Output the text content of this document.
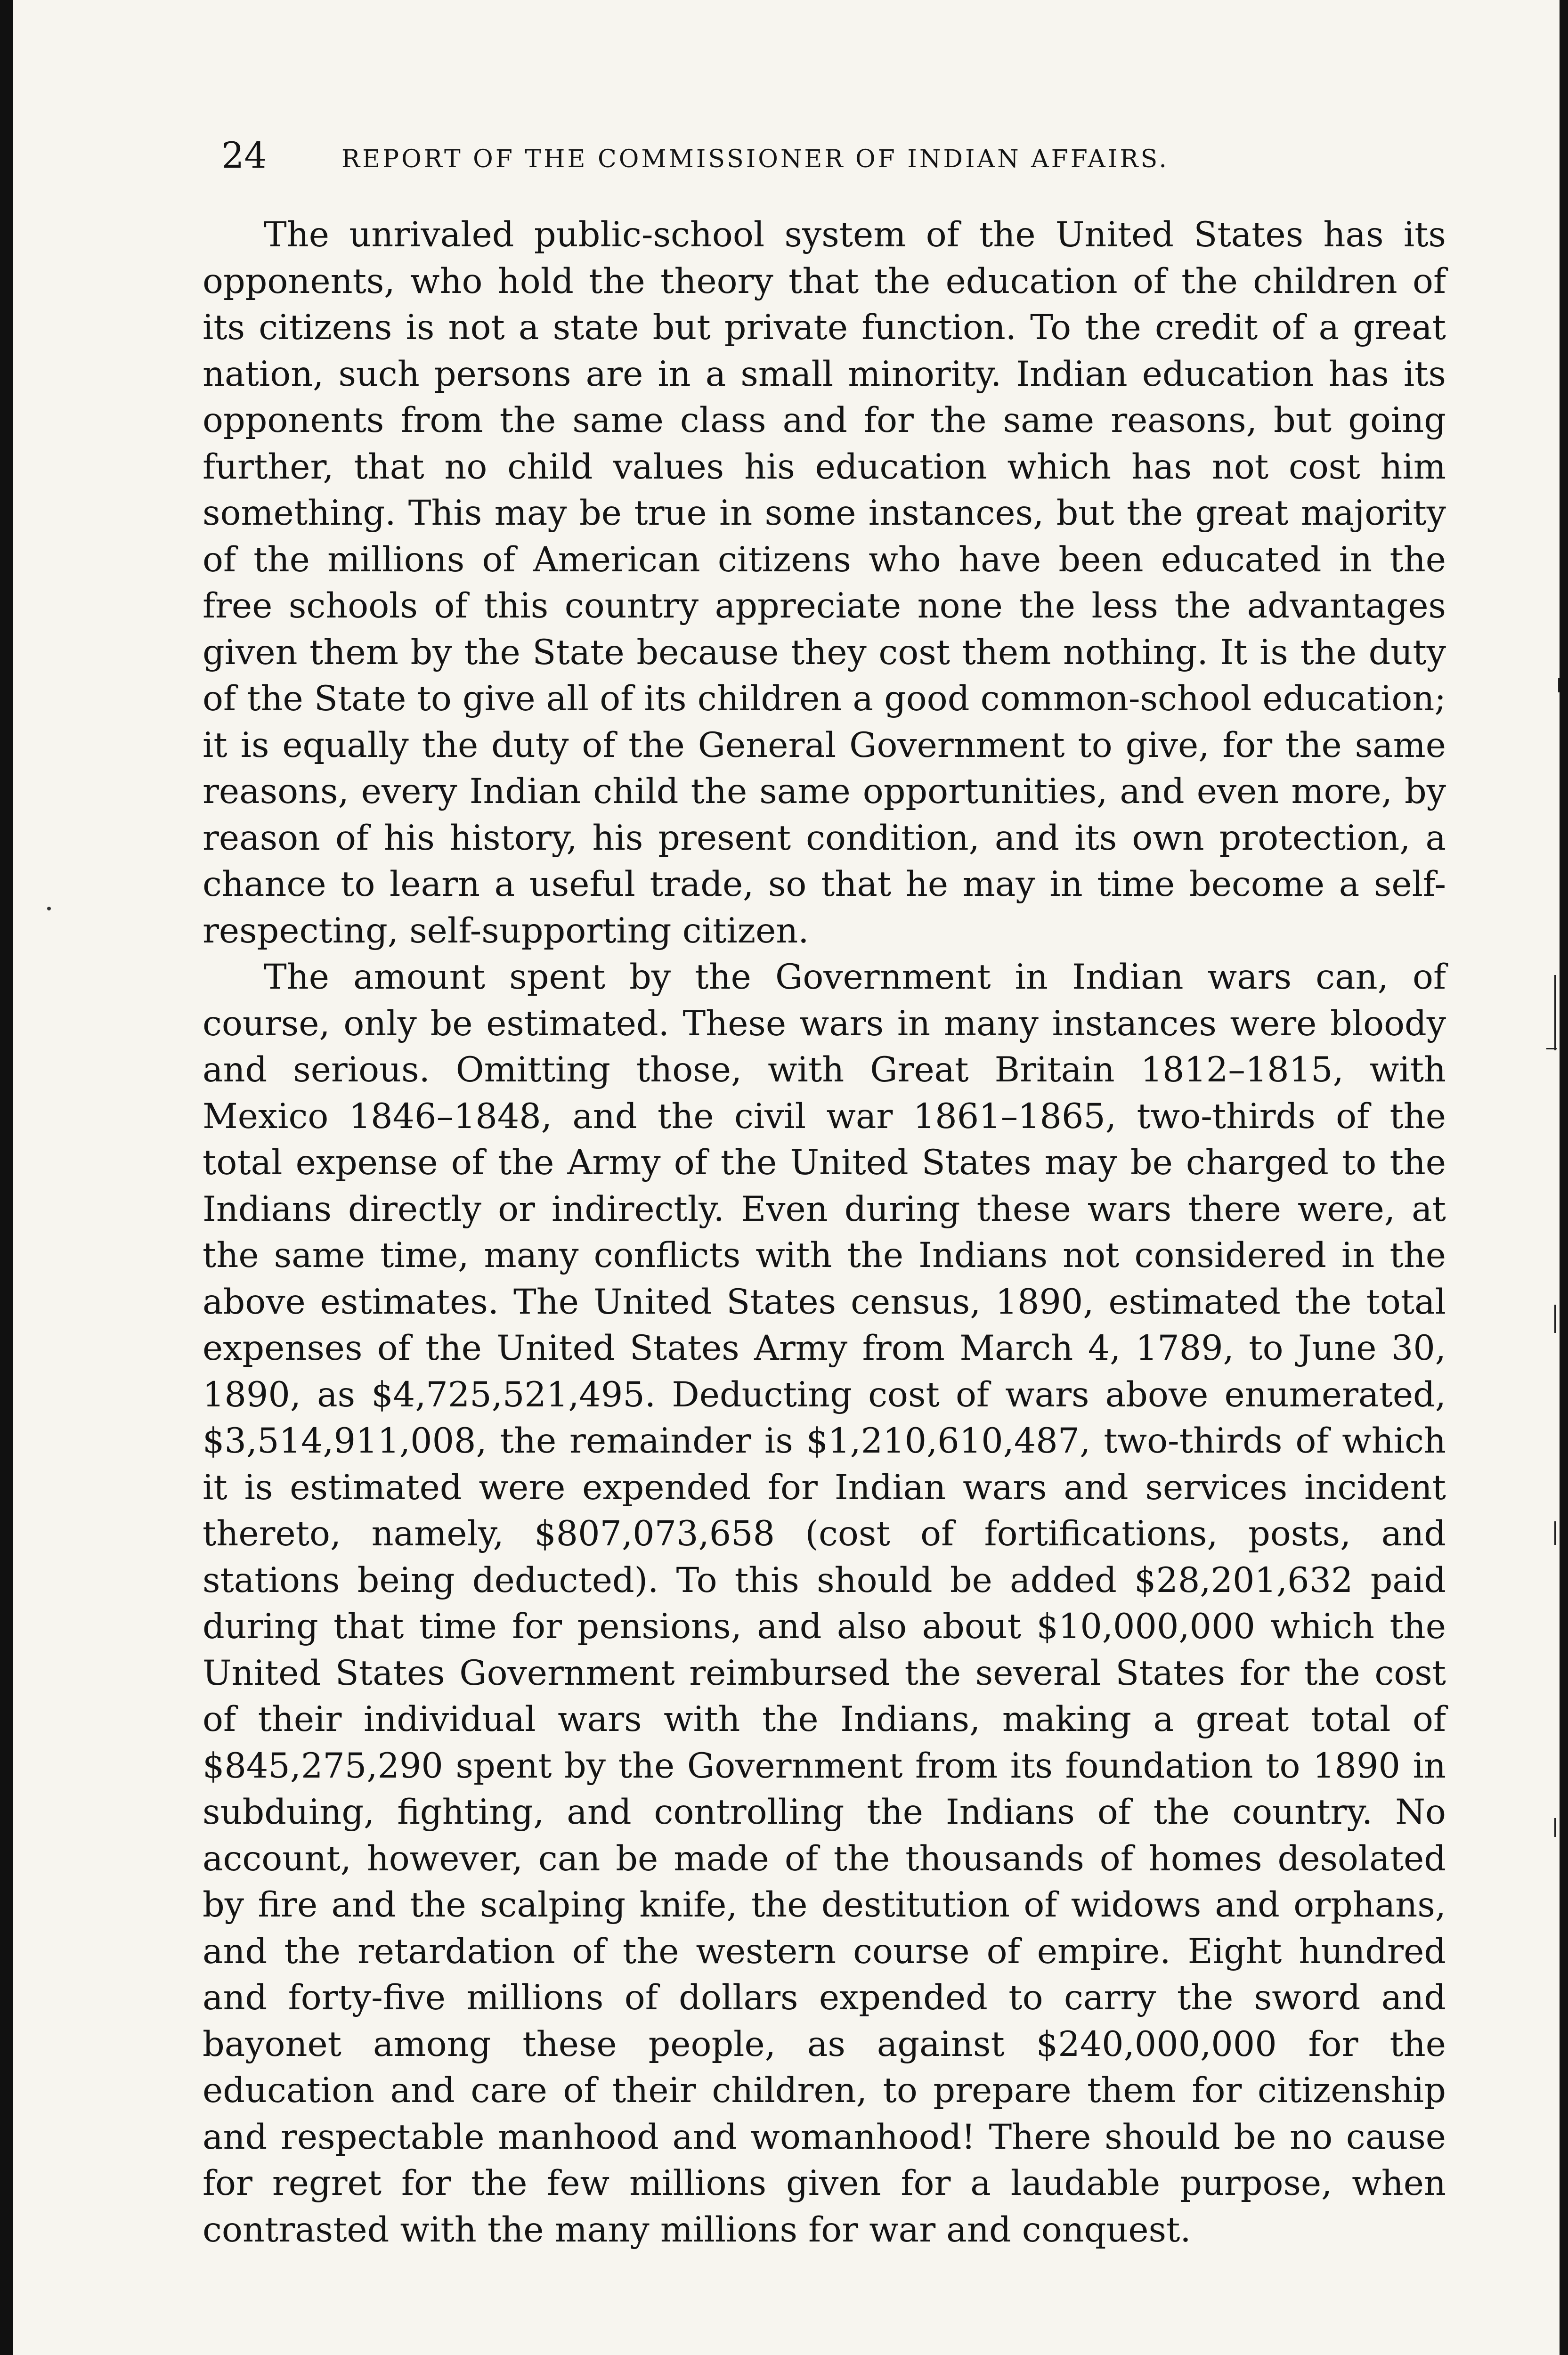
24	REPORT OF THE COMMISSIONER OF INDIAN AFFAIRS.

The unrivaled public-school system of the United States has its opponents, who hold the theory that the education of the children of its citizens is not a state but private function. To the credit of a great nation, such persons are in a small minority. Indian education has its opponents from the same class and for the same reasons, but going further, that no child values his education which has not cost him something. This may be true in some instances, but the great majority of the millions of American citizens who have been educated in the free schools of this country appreciate none the less the advantages given them by the State because they cost them nothing. It is the duty of the State to give all of its children a good common-school education; it is equally the duty of the General Government to give, for the same reasons, every Indian child the same opportunities, and even more, by reason of his history, his present condition, and its own protection, a chance to learn a useful trade, so that he may in time become a self-respecting, self-supporting citizen.

The amount spent by the Government in Indian wars can, of course, only be estimated. These wars in many instances were bloody and serious. Omitting those, with Great Britain 1812–1815, with Mexico 1846–1848, and the civil war 1861–1865, two-thirds of the total expense of the Army of the United States may be charged to the Indians directly or indirectly. Even during these wars there were, at the same time, many conflicts with the Indians not considered in the above estimates. The United States census, 1890, estimated the total expenses of the United States Army from March 4, 1789, to June 30, 1890, as $4,725,521,495. Deducting cost of wars above enumerated, $3,514,911,008, the remainder is $1,210,610,487, two-thirds of which it is estimated were expended for Indian wars and services incident thereto, namely, $807,073,658 (cost of fortifications, posts, and stations being deducted). To this should be added $28,201,632 paid during that time for pensions, and also about $10,000,000 which the United States Government reimbursed the several States for the cost of their individual wars with the Indians, making a great total of $845,275,290 spent by the Government from its foundation to 1890 in subduing, fighting, and controlling the Indians of the country. No account, however, can be made of the thousands of homes desolated by fire and the scalping knife, the destitution of widows and orphans, and the retardation of the western course of empire. Eight hundred and forty-five millions of dollars expended to carry the sword and bayonet among these people, as against $240,000,000 for the education and care of their children, to prepare them for citizenship and respectable manhood and womanhood! There should be no cause for regret for the few millions given for a laudable purpose, when contrasted with the many millions for war and conquest.
